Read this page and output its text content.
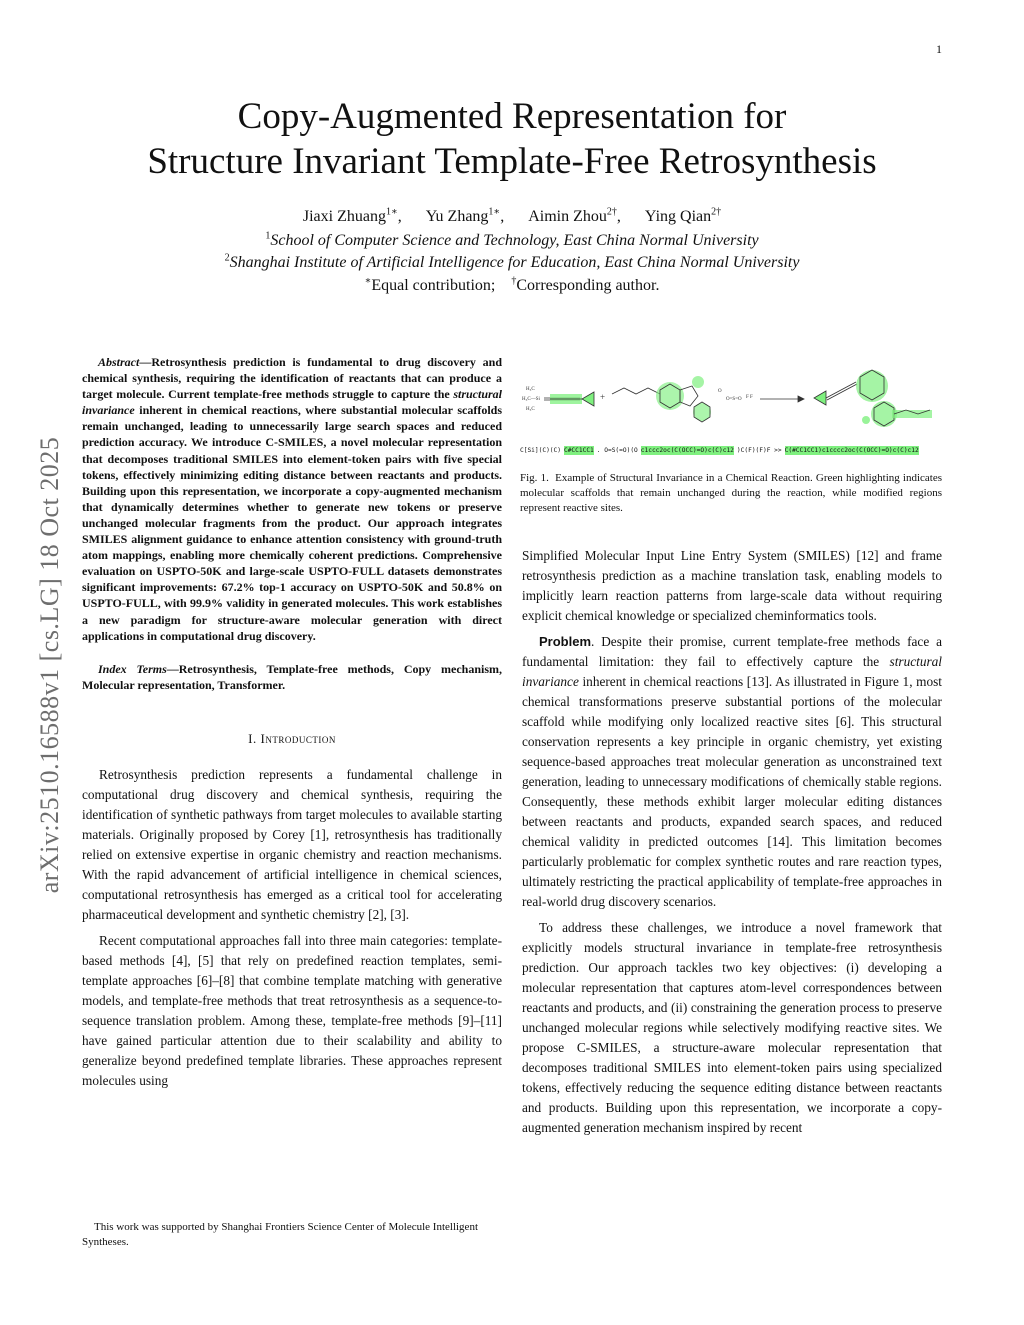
1
Copy-Augmented Representation for
Structure Invariant Template-Free Retrosynthesis
Jiaxi Zhuang$^{1∗}$, Yu Zhang$^{1∗}$, Aimin Zhou$^{2\dagger}$, Ying Qian$^{2\dagger}$
$^1$School of Computer Science and Technology, East China Normal University
$^2$Shanghai Institute of Artificial Intelligence for Education, East China Normal University
∗Equal contribution; †Corresponding author.
arXiv:2510.16588v1 [cs.LG] 18 Oct 2025

Abstract—Retrosynthesis prediction is fundamental to drug discovery and chemical synthesis, requiring the identification of reactants that can produce a target molecule. Current template-free methods struggle to capture the structural invariance inherent in chemical reactions, where substantial molecular scaffolds remain unchanged, leading to unnecessarily large search spaces and reduced prediction accuracy. We introduce C-SMILES, a novel molecular representation that decomposes traditional SMILES into element-token pairs with five special tokens, effectively minimizing editing distance between reactants and products. Building upon this representation, we incorporate a copy-augmented mechanism that dynamically determines whether to generate new tokens or preserve unchanged molecular fragments from the product. Our approach integrates SMILES alignment guidance to enhance attention consistency with ground-truth atom mappings, enabling more chemically coherent predictions. Comprehensive evaluation on USPTO-50K and large-scale USPTO-FULL datasets demonstrates significant improvements: 67.2% top-1 accuracy on USPTO-50K and 50.8% on USPTO-FULL, with 99.9% validity in generated molecules. This work establishes a new paradigm for structure-aware molecular generation with direct applications in computational drug discovery.

Index Terms—Retrosynthesis, Template-free methods, Copy mechanism, Molecular representation, Transformer.

I. Introduction

Retrosynthesis prediction represents a fundamental challenge in computational drug discovery and chemical synthesis, requiring the identification of synthetic pathways from target molecules to available starting materials. Originally proposed by Corey [1], retrosynthesis has traditionally relied on extensive expertise in organic chemistry and reaction mechanisms. With the rapid advancement of artificial intelligence in chemical sciences, computational retrosynthesis has emerged as a critical tool for accelerating pharmaceutical development and synthetic chemistry [2], [3].

Recent computational approaches fall into three main categories: template-based methods [4], [5] that rely on predefined reaction templates, semi-template approaches [6]–[8] that combine template matching with generative models, and template-free methods that treat retrosynthesis as a sequence-to-sequence translation problem. Among these, template-free methods [9]–[11] have gained particular attention due to their scalability and ability to generalize beyond predefined template libraries. These approaches represent molecules using

This work was supported by Shanghai Frontiers Science Center of Molecule Intelligent Syntheses.
H₃C
H₃C—Si
H₃C
+
O
O=S=O F F
C[Si](C)(C) C#CC1CC1 . O=S(=O)(O c1ccc2oc(C(OCC)=O)c(C)c12 )C(F)(F)F >> C(#CC1CC1)c1cccc2oc(C(OCC)=O)c(C)c12
Fig. 1. Example of Structural Invariance in a Chemical Reaction. Green highlighting indicates molecular scaffolds that remain unchanged during the reaction, while modified regions represent reactive sites.

Simplified Molecular Input Line Entry System (SMILES) [12] and frame retrosynthesis prediction as a machine translation task, enabling models to implicitly learn reaction patterns from large-scale data without requiring explicit chemical knowledge or specialized cheminformatics tools.

Problem. Despite their promise, current template-free methods face a fundamental limitation: they fail to effectively capture the structural invariance inherent in chemical reactions [13]. As illustrated in Figure 1, most chemical transformations preserve substantial portions of the molecular scaffold while modifying only localized reactive sites [6]. This structural conservation represents a key principle in organic chemistry, yet existing sequence-based approaches treat molecular generation as unconstrained text generation, leading to unnecessary modifications of chemically stable regions. Consequently, these methods exhibit larger molecular editing distances between reactants and products, expanded search spaces, and reduced chemical validity in predicted outcomes [14]. This limitation becomes particularly problematic for complex synthetic routes and rare reaction types, ultimately restricting the practical applicability of template-free approaches in real-world drug discovery scenarios.

To address these challenges, we introduce a novel framework that explicitly models structural invariance in template-free retrosynthesis prediction. Our approach tackles two key objectives: (i) developing a molecular representation that captures atom-level correspondences between reactants and products, and (ii) constraining the generation process to preserve unchanged molecular regions while selectively modifying reactive sites. We propose C-SMILES, a structure-aware molecular representation that decomposes traditional SMILES into element-token pairs using specialized tokens, effectively reducing the sequence editing distance between reactants and products. Building upon this representation, we incorporate a copy-augmented generation mechanism inspired by recent
